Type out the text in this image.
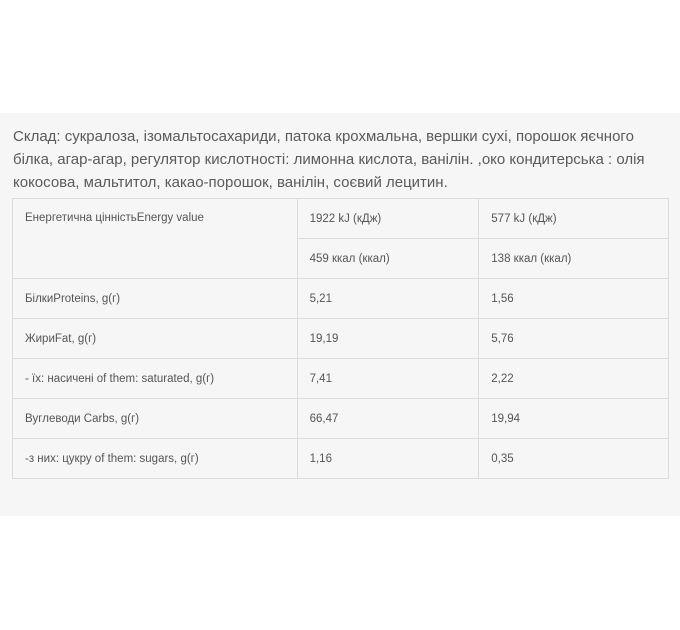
Склад: сукралоза, ізомальтосахариди, патока крохмальна, вершки сухі, порошок яєчного білка, агар-агар, регулятор кислотності: лимонна кислота, ванілін. ,око кондитерська : олія кокосова, мальтитол, какао-порошок, ванілін, соєвий лецитин.

Енергетична цінністьEnergy value	1922 kJ (кДж)	577 kJ (кДж)
	459 ккал (ккал)	138 ккал (ккал)
БілкиProteins, g(г)	5,21	1,56
ЖириFat, g(г)	19,19	5,76
- їх: насичені of them: saturated, g(г)	7,41	2,22
Вуглеводи Carbs, g(г)	66,47	19,94
-з них: цукру of them: sugars, g(г)	1,16	0,35
